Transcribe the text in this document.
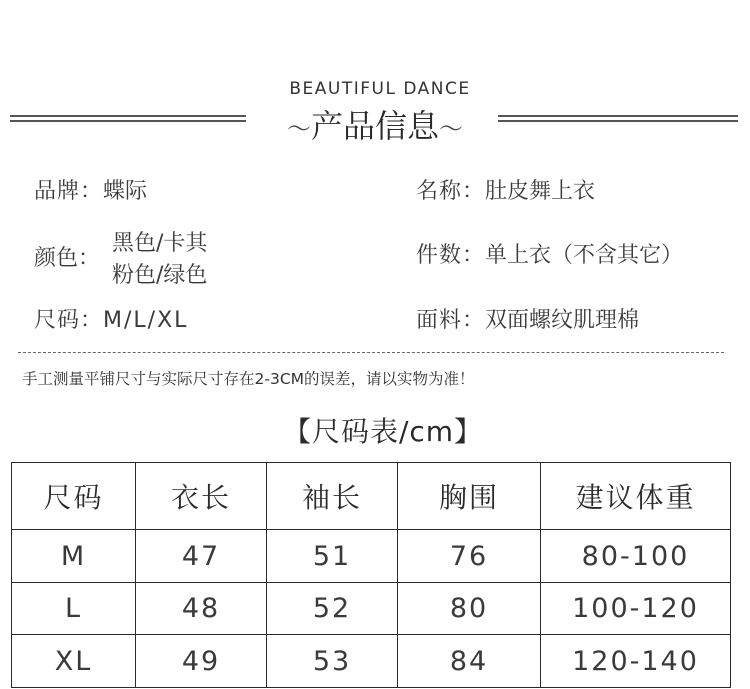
BEAUTIFUL DANCE
～产品信息～
品牌：蝶际	名称：肚皮舞上衣
颜色：
黑色/卡其
粉色/绿色
件数：单上衣（不含其它）
尺码：M/L/XL	面料：双面螺纹肌理棉
手工测量平铺尺寸与实际尺寸存在2-3CM的误差，请以实物为准！
【尺码表/cm】
尺码	衣长	袖长	胸围	建议体重
M	47	51	76	80-100
L	48	52	80	100-120
XL	49	53	84	120-140
